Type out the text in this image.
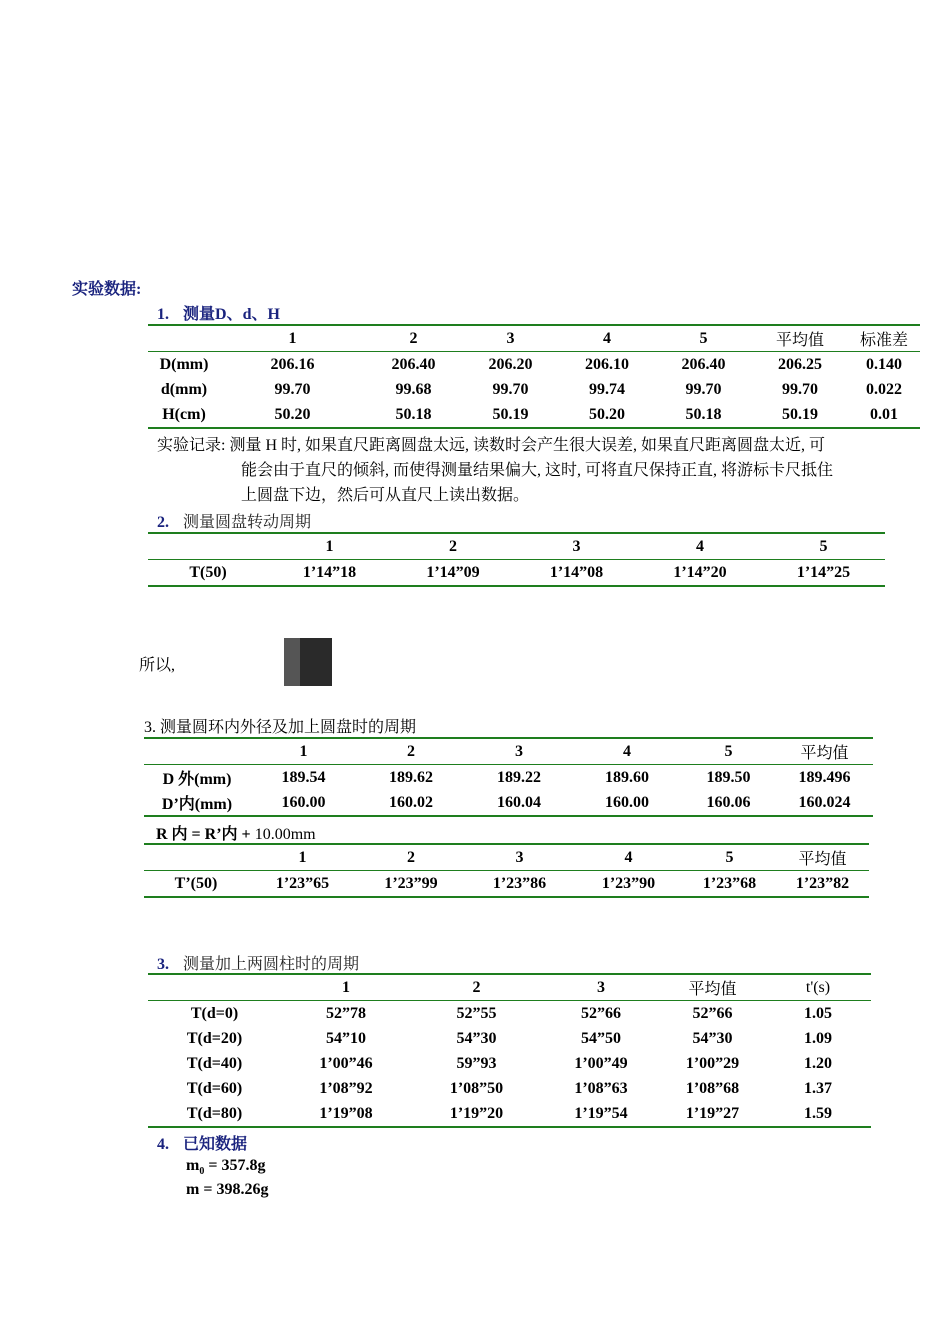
实验数据:
1. 测量D、d、H
	1	2	3	4	5	平均值	标准差
D(mm)	206.16	206.40	206.20	206.10	206.40	206.25	0.140
d(mm)	99.70	99.68	99.70	99.74	99.70	99.70	0.022
H(cm)	50.20	50.18	50.19	50.20	50.18	50.19	0.01
实验记录: 测量 H 时, 如果直尺距离圆盘太远, 读数时会产生很大误差, 如果直尺距离圆盘太近, 可
能会由于直尺的倾斜, 而使得测量结果偏大, 这时, 可将直尺保持正直, 将游标卡尺抵住
上圆盘下边，然后可从直尺上读出数据。
2. 测量圆盘转动周期
	1	2	3	4	5
T(50)	1’14”18	1’14”09	1’14”08	1’14”20	1’14”25
所以,
3. 测量圆环内外径及加上圆盘时的周期
	1	2	3	4	5	平均值
D 外(mm)	189.54	189.62	189.22	189.60	189.50	189.496
D’内(mm)	160.00	160.02	160.04	160.00	160.06	160.024
R 内 = R’内 + 10.00mm
	1	2	3	4	5	平均值
T’(50)	1’23”65	1’23”99	1’23”86	1’23”90	1’23”68	1’23”82
3. 测量加上两圆柱时的周期
	1	2	3	平均值	t'(s)
T(d=0)	52”78	52”55	52”66	52”66	1.05
T(d=20)	54”10	54”30	54”50	54”30	1.09
T(d=40)	1’00”46	59”93	1’00”49	1’00”29	1.20
T(d=60)	1’08”92	1’08”50	1’08”63	1’08”68	1.37
T(d=80)	1’19”08	1’19”20	1’19”54	1’19”27	1.59
4. 已知数据
$m_0 = 357.8g$
m = 398.26g
